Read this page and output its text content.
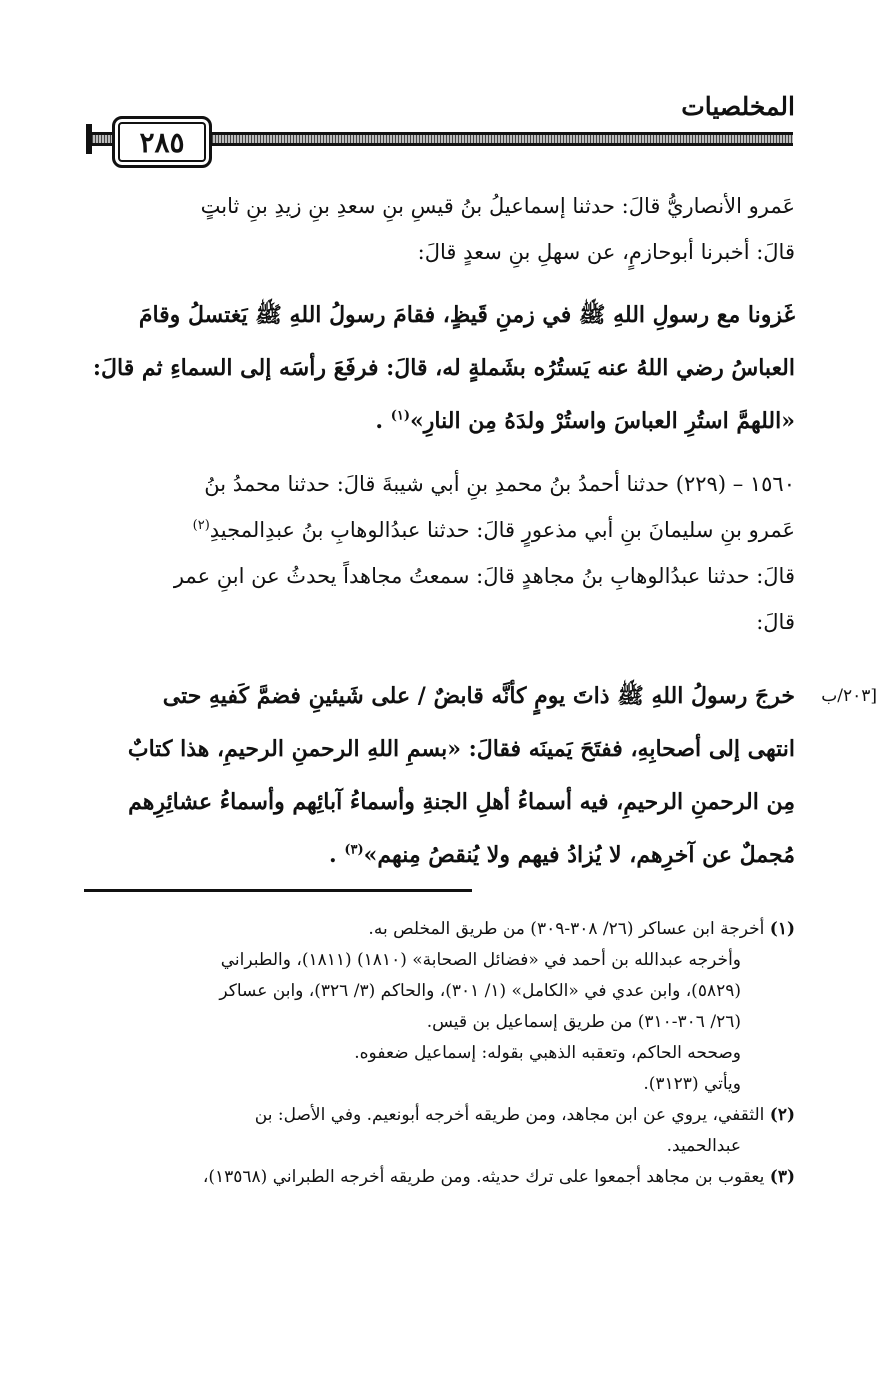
المخلصيات
٢٨٥

عَمرو الأنصاريُّ قالَ: حدثنا إسماعيلُ بنُ قيسِ بنِ سعدِ بنِ زيدِ بنِ ثابتٍ
قالَ: أخبرنا أبوحازمٍ، عن سهلِ بنِ سعدٍ قالَ:

غَزونا مع رسولِ اللهِ ﷺ في زمنِ قَيظٍ، فقامَ رسولُ اللهِ ﷺ يَغتسلُ وقامَ
العباسُ رضي اللهُ عنه يَستُرُه بشَملةٍ له، قالَ: فرفَعَ رأسَه إلى السماءِ ثم قالَ:
«اللهمَّ استُرِ العباسَ واستُرْ ولدَهُ مِن النارِ»$^{(١)}$ .

١٥٦٠ – (٢٢٩) حدثنا أحمدُ بنُ محمدِ بنِ أبي شيبةَ قالَ: حدثنا محمدُ بنُ
عَمرو بنِ سليمانَ بنِ أبي مذعورٍ قالَ: حدثنا عبدُالوهابِ بنُ عبدِالمجيدِ$^{(٢)}$
قالَ: حدثنا عبدُالوهابِ بنُ مجاهدٍ قالَ: سمعتُ مجاهداً يحدثُ عن ابنِ عمر
قالَ:

[٢٠٣/ب

خرجَ رسولُ اللهِ ﷺ ذاتَ يومٍ كأنَّه قابضٌ / على شَيئينِ فضمَّ كَفيهِ حتى
انتهى إلى أصحابِهِ، ففتَحَ يَمينَه فقالَ: «بسمِ اللهِ الرحمنِ الرحيمِ، هذا كتابٌ
مِن الرحمنِ الرحيمِ، فيه أسماءُ أهلِ الجنةِ وأسماءُ آبائِهم وأسماءُ عشائِرِهم
مُجملٌ عن آخرِهم، لا يُزادُ فيهم ولا يُنقصُ مِنهم»$^{(٣)}$ .

(١) أخرجة ابن عساكر (٢٦/ ٣٠٨-٣٠٩) من طريق المخلص به.
وأخرجه عبدالله بن أحمد في «فضائل الصحابة» (١٨١٠) (١٨١١)، والطبراني
(٥٨٢٩)، وابن عدي في «الكامل» (١/ ٣٠١)، والحاكم (٣/ ٣٢٦)، وابن عساكر
(٢٦/ ٣٠٦-٣١٠) من طريق إسماعيل بن قيس.
وصححه الحاكم، وتعقبه الذهبي بقوله: إسماعيل ضعفوه.
ويأتي (٣١٢٣).
(٢) الثقفي، يروي عن ابن مجاهد، ومن طريقه أخرجه أبونعيم. وفي الأصل: بن
عبدالحميد.
(٣) يعقوب بن مجاهد أجمعوا على ترك حديثه. ومن طريقه أخرجه الطبراني (١٣٥٦٨)،
